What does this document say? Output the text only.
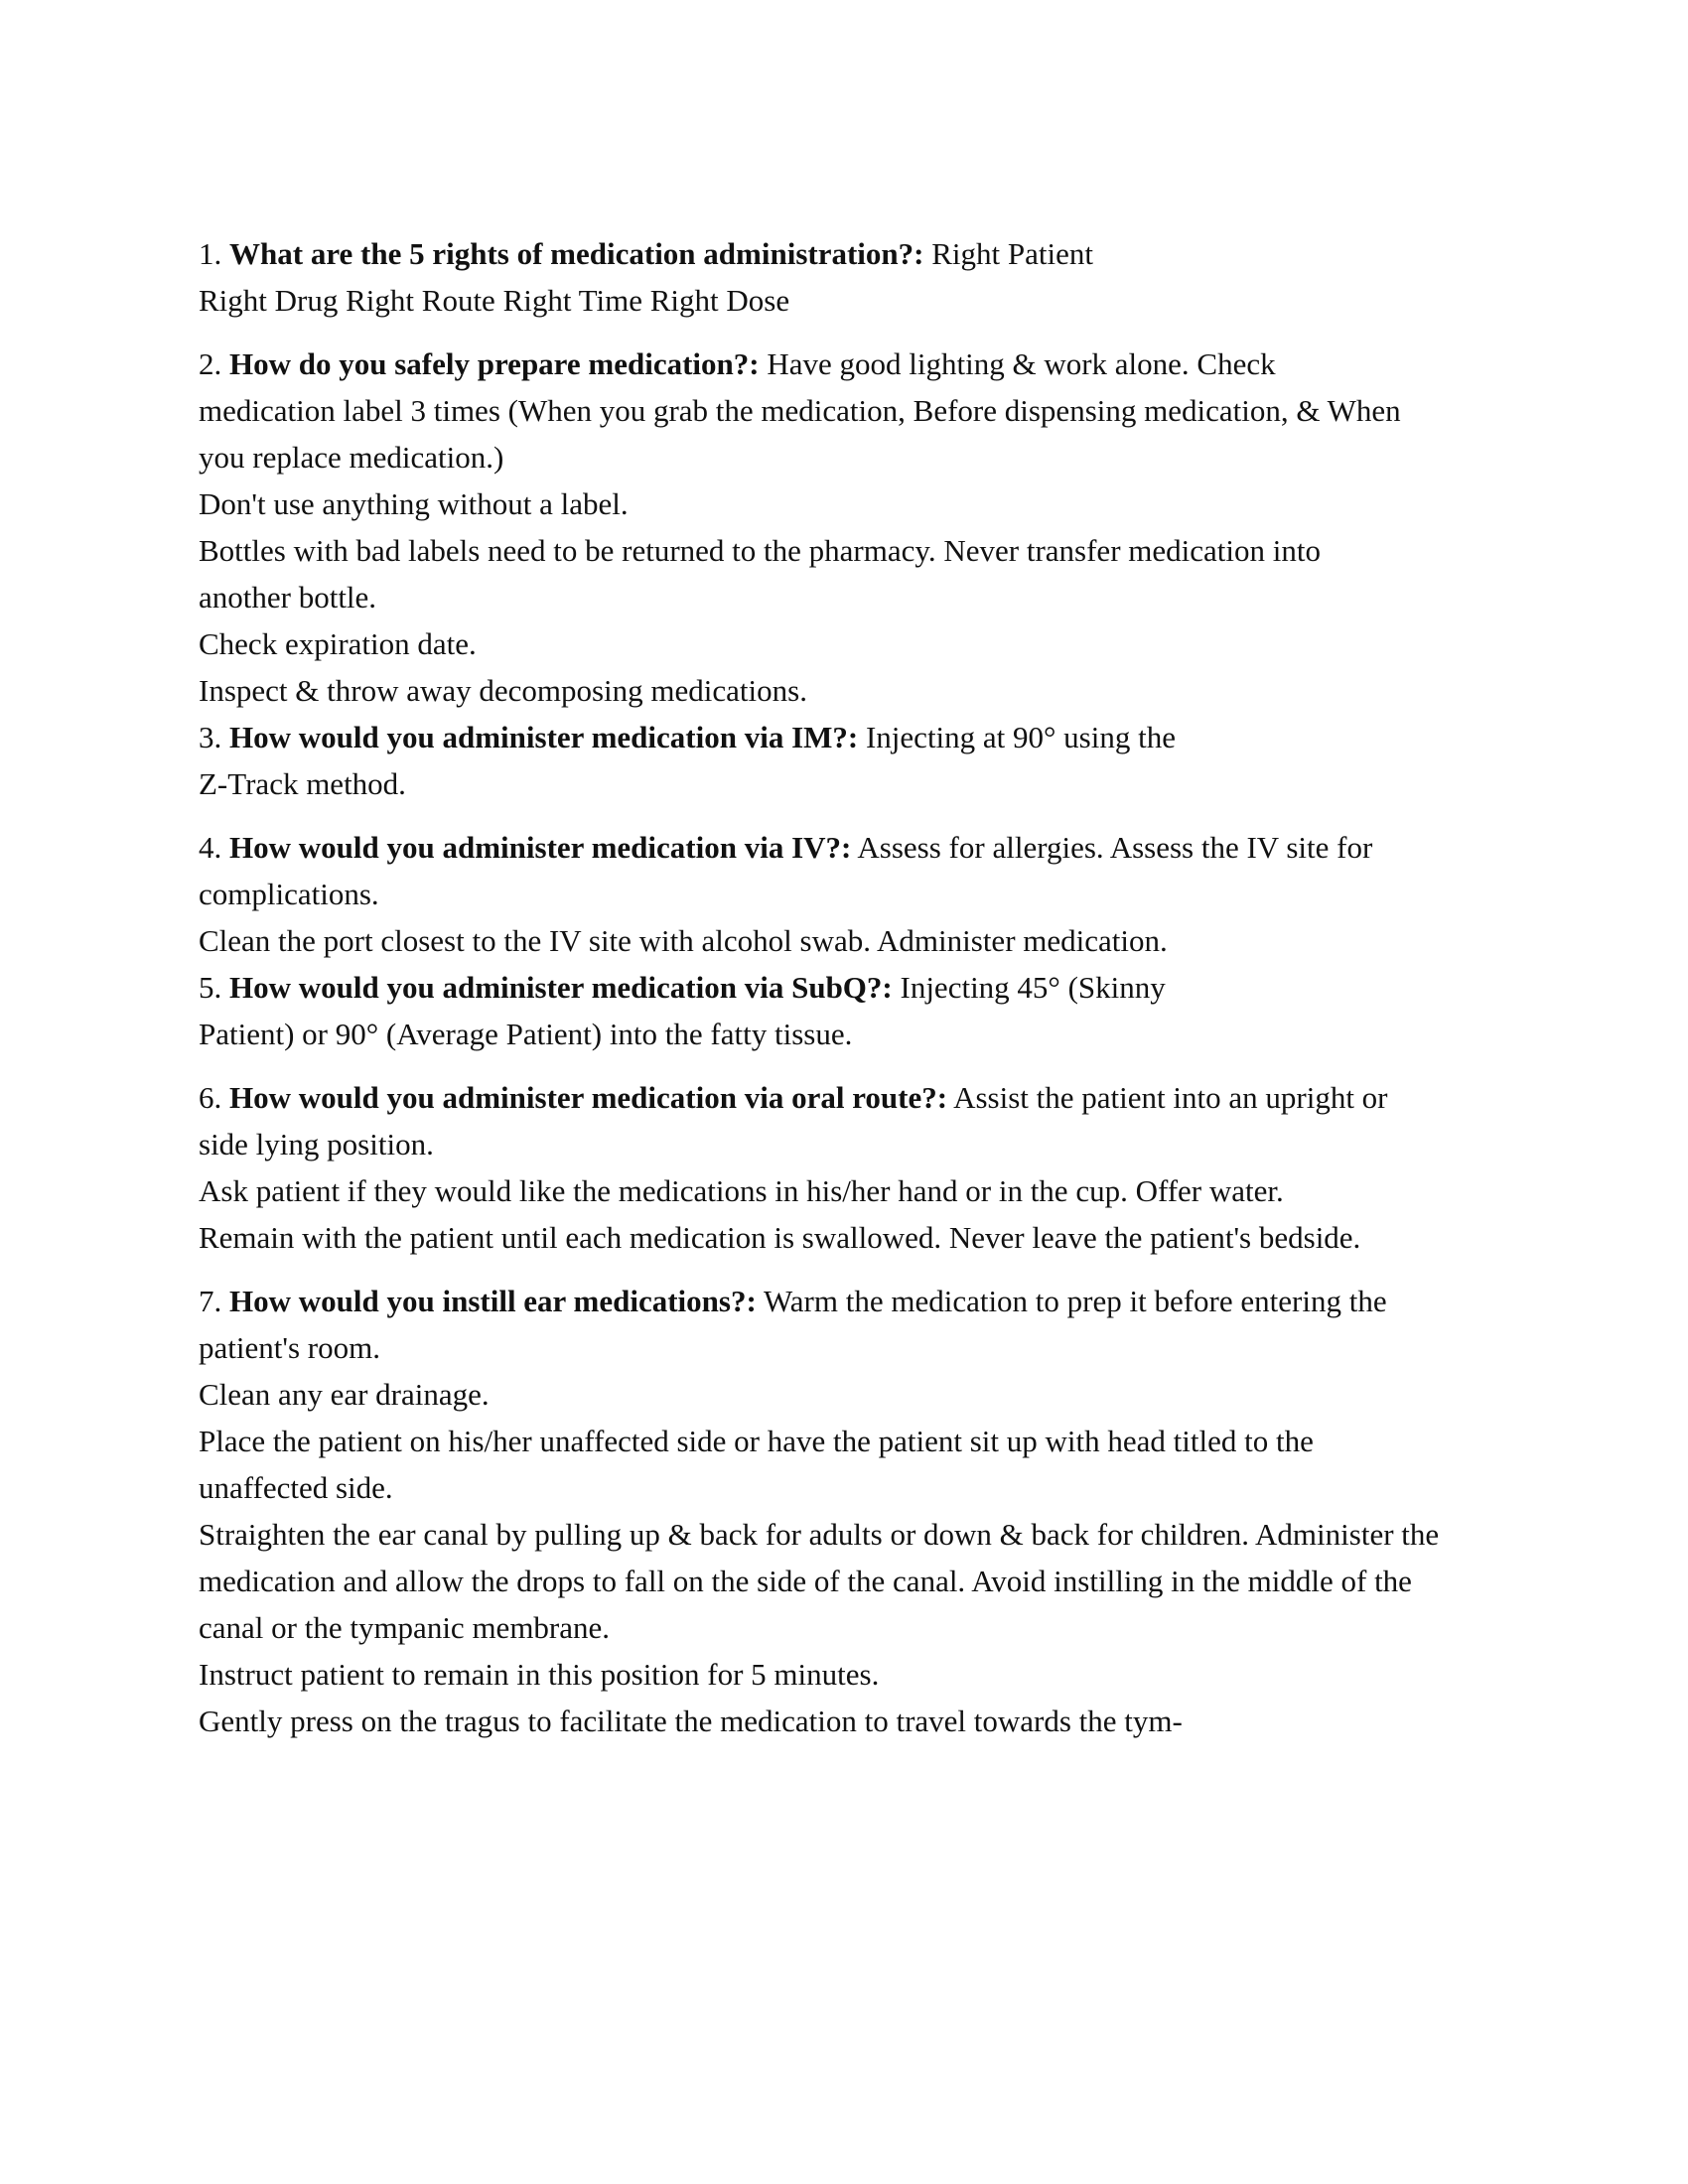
1. What are the 5 rights of medication administration?: Right Patient

Right Drug Right Route Right Time Right Dose

2. How do you safely prepare medication?: Have good lighting & work alone. Check

medication label 3 times (When you grab the medication, Before dispensing medication, & When

you replace medication.)

Don't use anything without a label.

Bottles with bad labels need to be returned to the pharmacy. Never transfer medication into

another bottle.

Check expiration date.

Inspect & throw away decomposing medications.

3. How would you administer medication via IM?: Injecting at 90° using the

Z-Track method.

4. How would you administer medication via IV?: Assess for allergies. Assess the IV site for

complications.

Clean the port closest to the IV site with alcohol swab. Administer medication.

5. How would you administer medication via SubQ?: Injecting 45° (Skinny

Patient) or 90° (Average Patient) into the fatty tissue.

6. How would you administer medication via oral route?: Assist the patient into an upright or

side lying position.

Ask patient if they would like the medications in his/her hand or in the cup. Offer water.

Remain with the patient until each medication is swallowed. Never leave the patient's bedside.

7. How would you instill ear medications?: Warm the medication to prep it before entering the

patient's room.

Clean any ear drainage.

Place the patient on his/her unaffected side or have the patient sit up with head titled to the

unaffected side.

Straighten the ear canal by pulling up & back for adults or down & back for children. Administer the

medication and allow the drops to fall on the side of the canal. Avoid instilling in the middle of the

canal or the tympanic membrane.

Instruct patient to remain in this position for 5 minutes.

Gently press on the tragus to facilitate the medication to travel towards the tym-
